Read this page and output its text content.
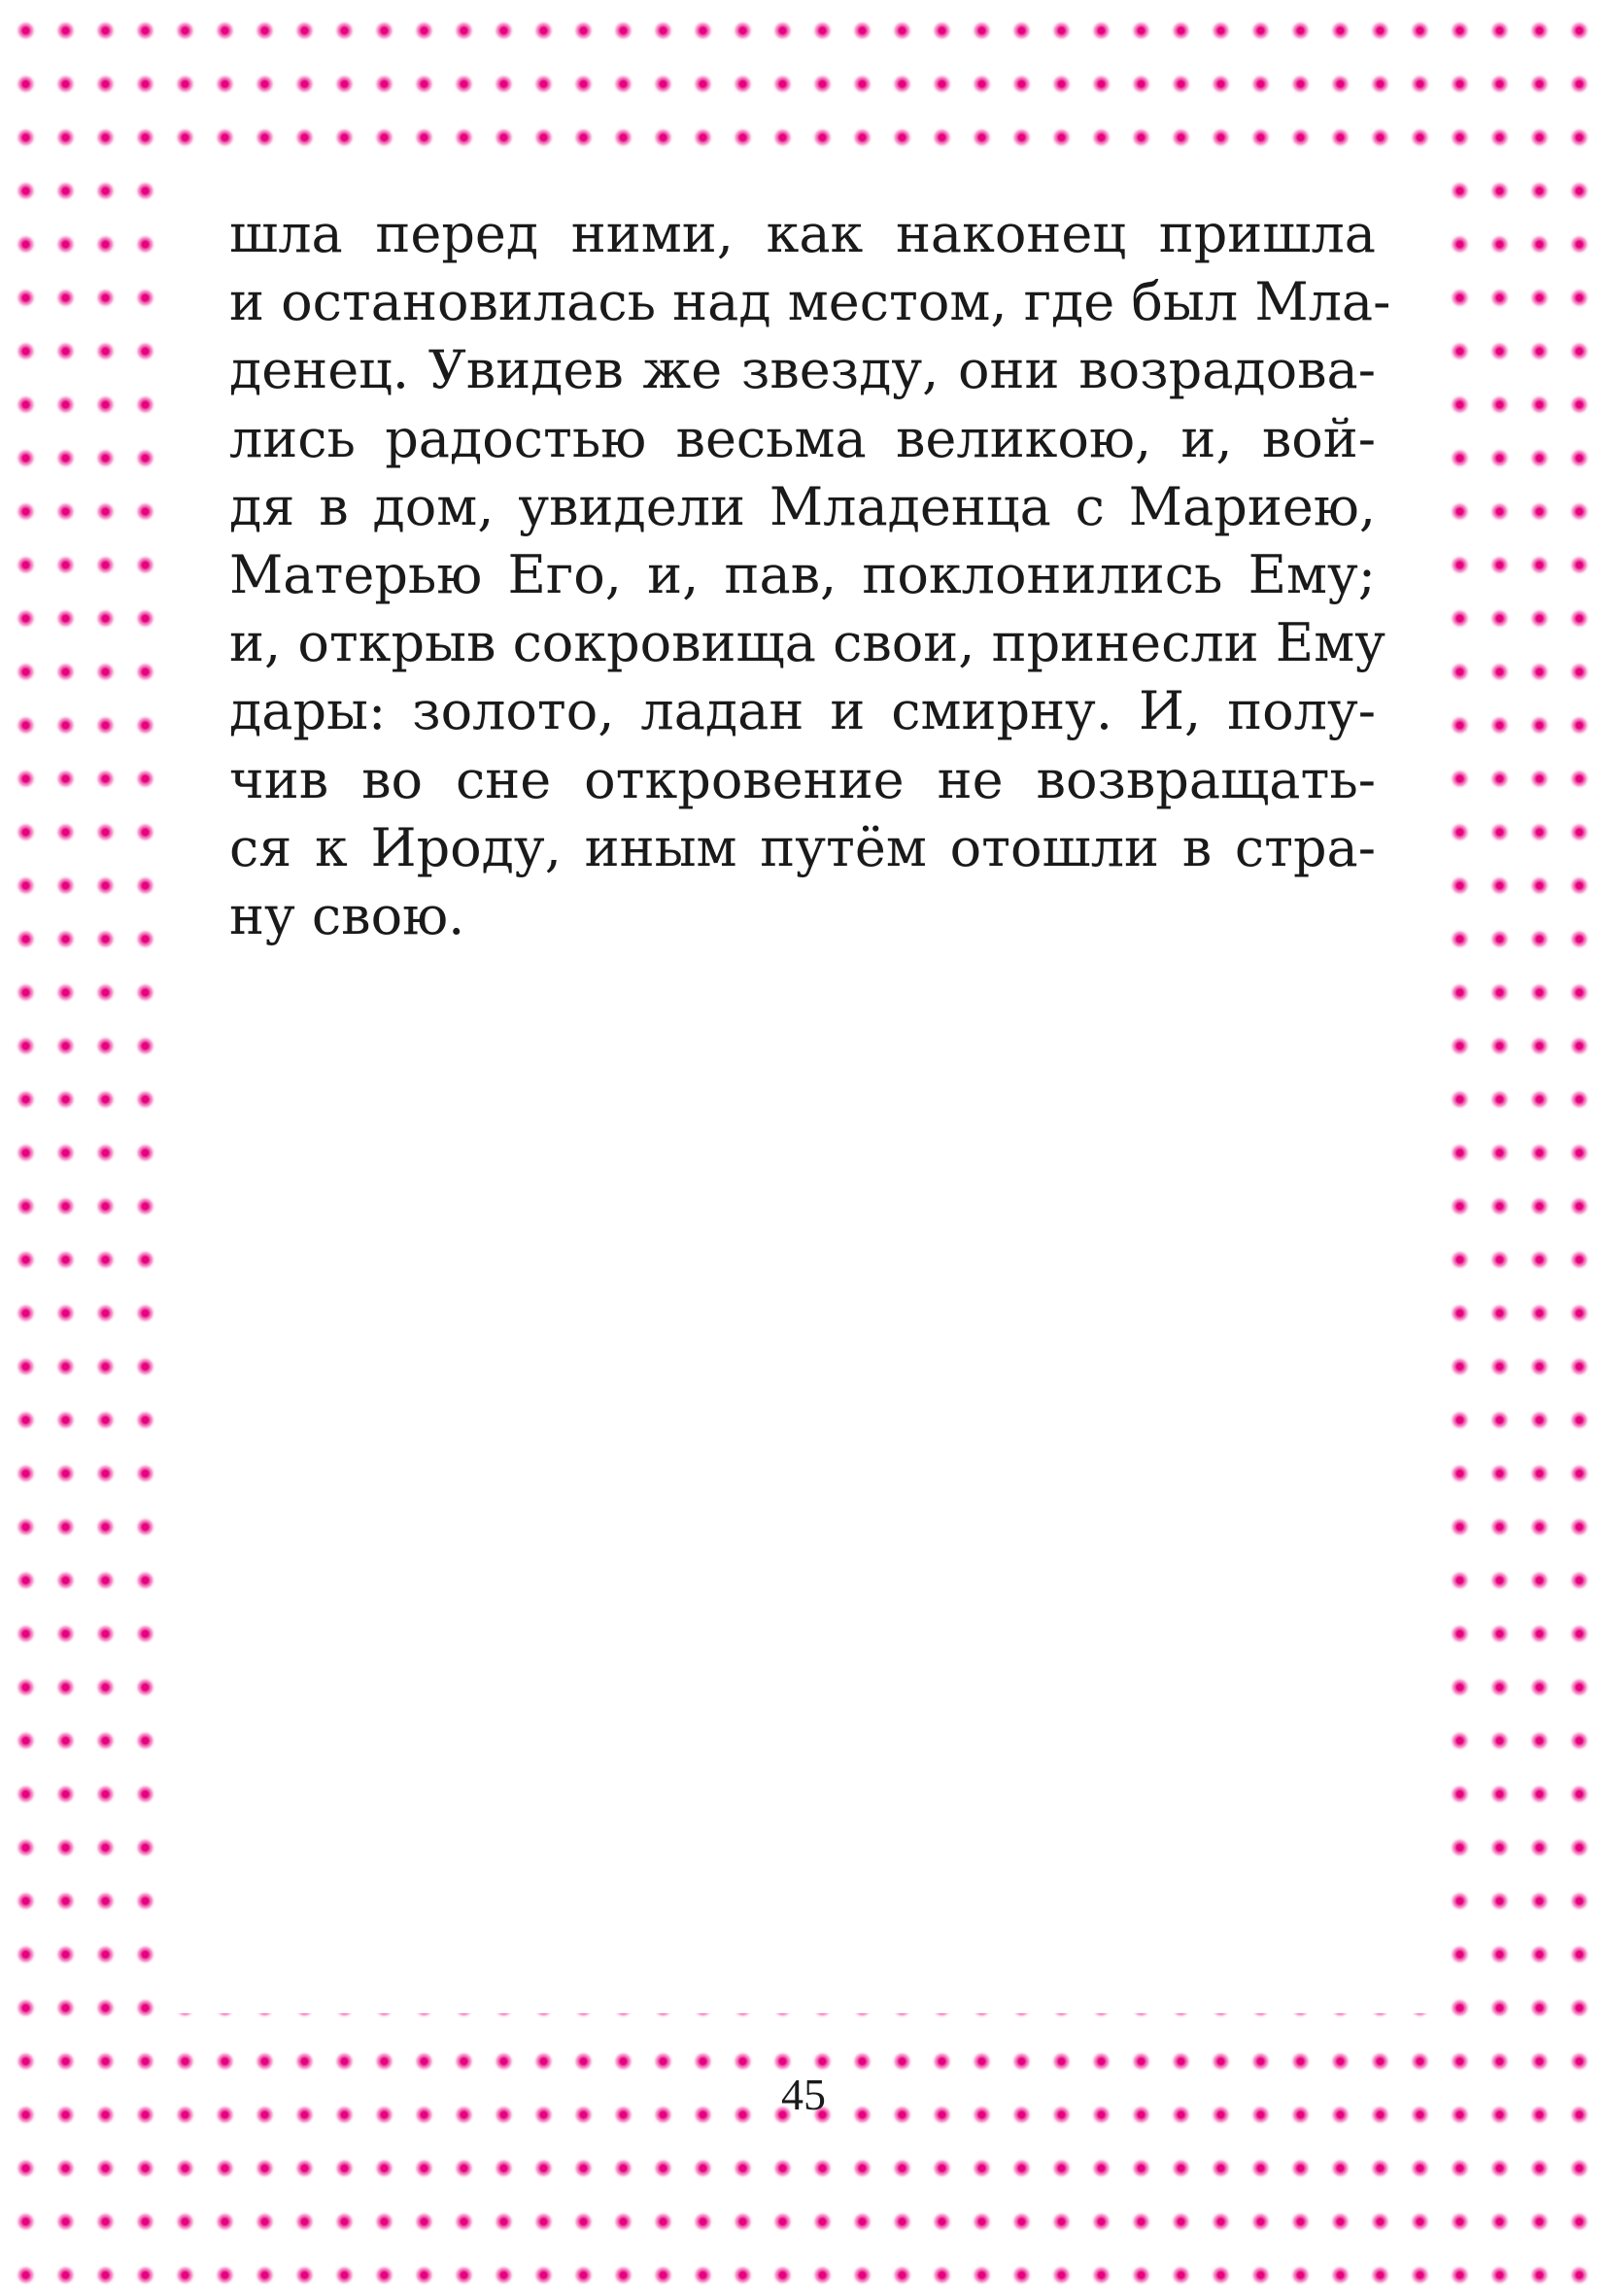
шла перед ними, как наконец пришла
и остановилась над местом, где был Мла-
денец. Увидев же звезду, они возрадова-
лись радостью весьма великою, и, вой-
дя в дом, увидели Младенца с Мариею,
Матерью Его, и, пав, поклонились Ему;
и, открыв сокровища свои, принесли Ему
дары: золото, ладан и смирну. И, полу-
чив во сне откровение не возвращать-
ся к Ироду, иным путём отошли в стра-
ну свою.
45
